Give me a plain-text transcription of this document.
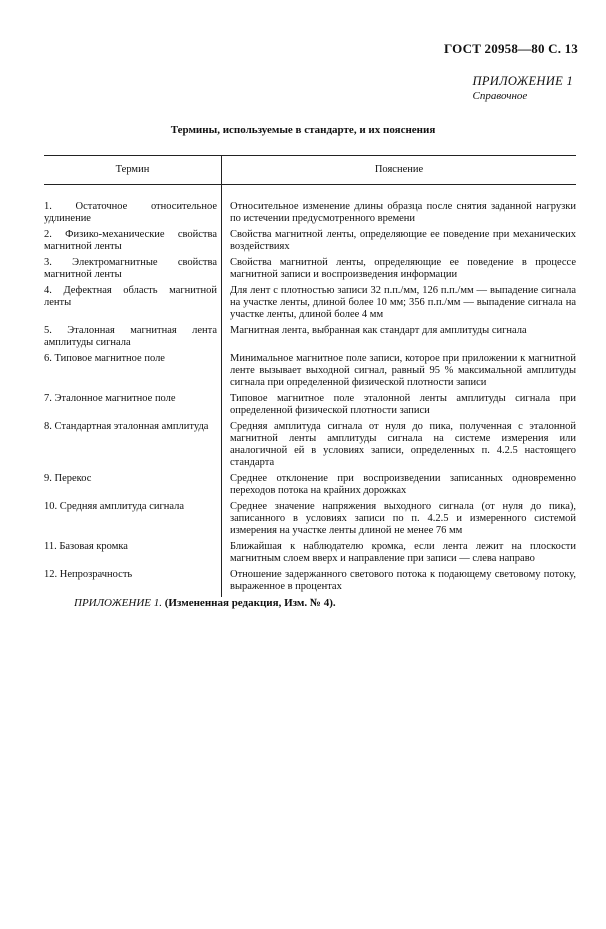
ГОСТ 20958—80 С. 13
ПРИЛОЖЕНИЕ 1
Справочное
Термины, используемые в стандарте, и их пояснения
Термин	Пояснение

1. Остаточное относительное удлинение	Относительное изменение длины образца после снятия заданной нагрузки по истечении предусмотренного времени
2. Физико-механические свойства магнитной ленты	Свойства магнитной ленты, определяющие ее поведение при механических воздействиях
3. Электромагнитные свойства магнитной ленты	Свойства магнитной ленты, определяющие ее поведение в процессе магнитной записи и воспроизведения информации
4. Дефектная область магнитной ленты	Для лент с плотностью записи 32 п.п./мм, 126 п.п./мм — выпадение сигнала на участке ленты, длиной более 10 мм; 356 п.п./мм — выпадение сигнала на участке ленты, длиной более 4 мм
5. Эталонная магнитная лента амплитуды сигнала	Магнитная лента, выбранная как стандарт для амплитуды сигнала
6. Типовое магнитное поле	Минимальное магнитное поле записи, которое при приложении к магнитной ленте вызывает выходной сигнал, равный 95 % максимальной амплитуды сигнала при определенной физической плотности записи
7. Эталонное магнитное поле	Типовое магнитное поле эталонной ленты амплитуды сигнала при определенной физической плотности записи
8. Стандартная эталонная амплитуда	Средняя амплитуда сигнала от нуля до пика, полученная с эталонной магнитной ленты амплитуды сигнала на системе измерения или аналогичной ей в условиях записи, определенных п. 4.2.5 настоящего стандарта
9. Перекос	Среднее отклонение при воспроизведении записанных одновременно переходов потока на крайних дорожках
10. Средняя амплитуда сигнала	Среднее значение напряжения выходного сигнала (от нуля до пика), записанного в условиях записи по п. 4.2.5 и измеренного системой измерения на участке ленты длиной не менее 76 мм
11. Базовая кромка	Ближайшая к наблюдателю кромка, если лента лежит на плоскости магнитным слоем вверх и направление при записи — слева направо
12. Непрозрачность	Отношение задержанного светового потока к подающему световому потоку, выраженное в процентах
ПРИЛОЖЕНИЕ 1. (Измененная редакция, Изм. № 4).
